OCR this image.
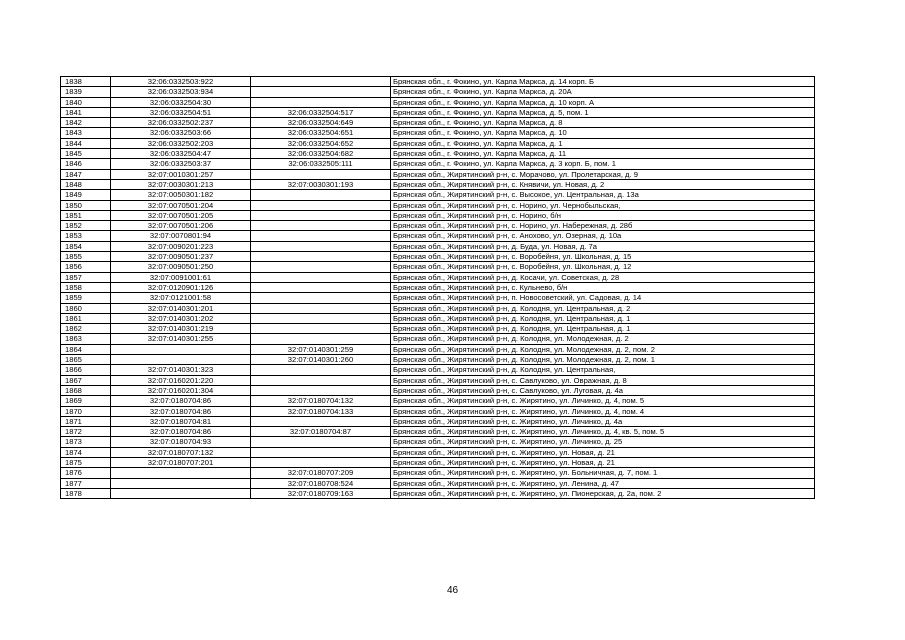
1838	32:06:0332503:922		Брянская обл., г. Фокино, ул. Карла Маркса, д. 14 корп. Б
1839	32:06:0332503:934		Брянская обл., г. Фокино, ул. Карла Маркса, д. 20А
1840	32:06:0332504:30		Брянская обл., г. Фокино, ул. Карла Маркса, д. 10 корп. А
1841	32:06:0332504:51	32:06:0332504:517	Брянская обл., г. Фокино, ул. Карла Маркса, д. 5, пом. 1
1842	32:06:0332502:237	32:06:0332504:649	Брянская обл., г. Фокино, ул. Карла Маркса, д. 8
1843	32:06:0332503:66	32:06:0332504:651	Брянская обл., г. Фокино, ул. Карла Маркса, д. 10
1844	32:06:0332502:203	32:06:0332504:652	Брянская обл., г. Фокино, ул. Карла Маркса, д. 1
1845	32:06:0332504:47	32:06:0332504:682	Брянская обл., г. Фокино, ул. Карла Маркса, д. 11
1846	32:06:0332503:37	32:06:0332505:111	Брянская обл., г. Фокино, ул. Карла Маркса, д. 3 корп. Б, пом. 1
1847	32:07:0010301:257		Брянская обл., Жирятинский р-н, с. Морачово, ул. Пролетарская, д. 9
1848	32:07:0030301:213	32:07:0030301:193	Брянская обл., Жирятинский р-н, с. Княвичи, ул. Новая, д. 2
1849	32:07:0050301:182		Брянская обл., Жирятинский р-н, с. Высокое, ул. Центральная, д. 13а
1850	32:07:0070501:204		Брянская обл., Жирятинский р-н, с. Норино, ул. Чернобыльская,
1851	32:07:0070501:205		Брянская обл., Жирятинский р-н, с. Норино, б/н
1852	32:07:0070501:206		Брянская обл., Жирятинский р-н, с. Норино, ул. Набережная, д. 28б
1853	32:07:0070801:94		Брянская обл., Жирятинский р-н, с. Анохово, ул. Озерная, д. 10а
1854	32:07:0090201:223		Брянская обл., Жирятинский р-н, д. Буда, ул. Новая, д. 7а
1855	32:07:0090501:237		Брянская обл., Жирятинский р-н, с. Воробейня, ул. Школьная, д. 15
1856	32:07:0090501:250		Брянская обл., Жирятинский р-н, с. Воробейня, ул. Школьная, д. 12
1857	32:07:0091001:61		Брянская обл., Жирятинский р-н, д. Косачи, ул. Советская, д. 28
1858	32:07:0120901:126		Брянская обл., Жирятинский р-н, с. Кульнево, б/н
1859	32:07:0121001:58		Брянская обл., Жирятинский р-н, п. Новосоветский, ул. Садовая, д. 14
1860	32:07:0140301:201		Брянская обл., Жирятинский р-н, д. Колодня, ул. Центральная, д. 2
1861	32:07:0140301:202		Брянская обл., Жирятинский р-н, д. Колодня, ул. Центральная, д. 1
1862	32:07:0140301:219		Брянская обл., Жирятинский р-н, д. Колодня, ул. Центральная, д. 1
1863	32:07:0140301:255		Брянская обл., Жирятинский р-н, д. Колодня, ул. Молодежная, д. 2
1864		32:07:0140301:259	Брянская обл., Жирятинский р-н, д. Колодня, ул. Молодежная, д. 2, пом. 2
1865		32:07:0140301:260	Брянская обл., Жирятинский р-н, д. Колодня, ул. Молодежная, д. 2, пом. 1
1866	32:07:0140301:323		Брянская обл., Жирятинский р-н, д. Колодня, ул. Центральная,
1867	32:07:0160201:220		Брянская обл., Жирятинский р-н, с. Савлуково, ул. Овражная, д. 8
1868	32:07:0160201:304		Брянская обл., Жирятинский р-н, с. Савлуково, ул. Луговая, д. 4а
1869	32:07:0180704:86	32:07:0180704:132	Брянская обл., Жирятинский р-н, с. Жирятино, ул. Личинко, д. 4, пом. 5
1870	32:07:0180704:86	32:07:0180704:133	Брянская обл., Жирятинский р-н, с. Жирятино, ул. Личинко, д. 4, пом. 4
1871	32:07:0180704:81		Брянская обл., Жирятинский р-н, с. Жирятино, ул. Личинко, д. 4а
1872	32:07:0180704:86	32:07:0180704:87	Брянская обл., Жирятинский р-н, с. Жирятино, ул. Личинко, д. 4, кв. 5, пом. 5
1873	32:07:0180704:93		Брянская обл., Жирятинский р-н, с. Жирятино, ул. Личинко, д. 25
1874	32:07:0180707:132		Брянская обл., Жирятинский р-н, с. Жирятино, ул. Новая, д. 21
1875	32:07:0180707:201		Брянская обл., Жирятинский р-н, с. Жирятино, ул. Новая, д. 21
1876		32:07:0180707:209	Брянская обл., Жирятинский р-н, с. Жирятино, ул. Больничная, д. 7, пом. 1
1877		32:07:0180708:524	Брянская обл., Жирятинский р-н, с. Жирятино, ул. Ленина, д. 47
1878		32:07:0180709:163	Брянская обл., Жирятинский р-н, с. Жирятино, ул. Пионерская, д. 2а, пом. 2
46
